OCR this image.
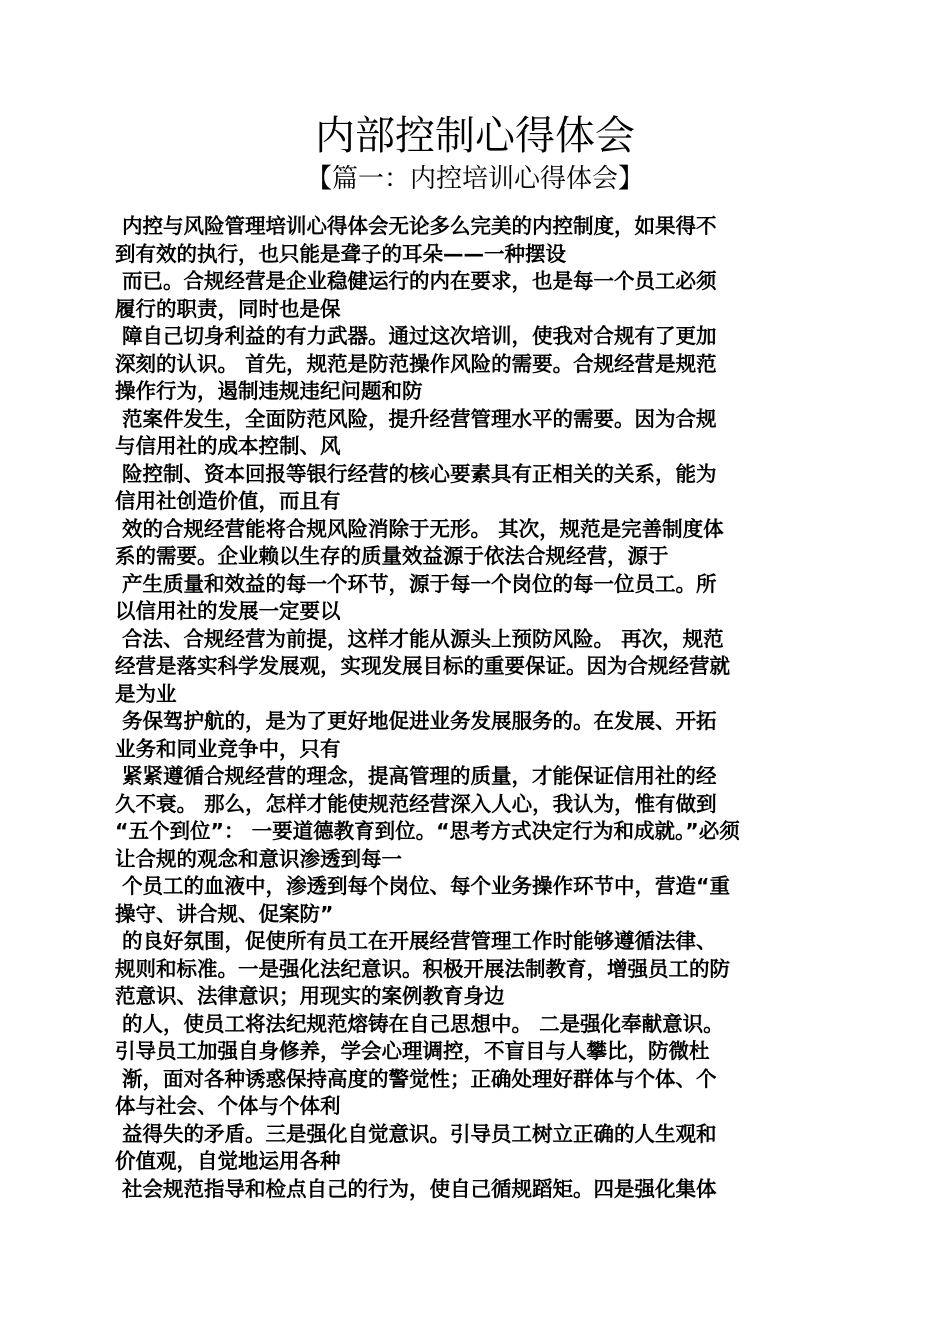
内部控制心得体会
【篇一：内控培训心得体会】
内控与风险管理培训心得体会无论多么完美的内控制度，如果得不
到有效的执行，也只能是聋子的耳朵——一种摆设
而已。合规经营是企业稳健运行的内在要求，也是每一个员工必须
履行的职责，同时也是保
障自己切身利益的有力武器。通过这次培训，使我对合规有了更加
深刻的认识。 首先，规范是防范操作风险的需要。合规经营是规范
操作行为，遏制违规违纪问题和防
范案件发生，全面防范风险，提升经营管理水平的需要。因为合规
与信用社的成本控制、风
险控制、资本回报等银行经营的核心要素具有正相关的关系，能为
信用社创造价值，而且有
效的合规经营能将合规风险消除于无形。 其次，规范是完善制度体
系的需要。企业赖以生存的质量效益源于依法合规经营，源于
产生质量和效益的每一个环节，源于每一个岗位的每一位员工。所
以信用社的发展一定要以
合法、合规经营为前提，这样才能从源头上预防风险。 再次，规范
经营是落实科学发展观，实现发展目标的重要保证。因为合规经营就
是为业
务保驾护航的，是为了更好地促进业务发展服务的。在发展、开拓
业务和同业竞争中，只有
紧紧遵循合规经营的理念，提高管理的质量，才能保证信用社的经
久不衰。 那么，怎样才能使规范经营深入人心，我认为，惟有做到
“五个到位”： 一要道德教育到位。“思考方式决定行为和成就。”必须
让合规的观念和意识渗透到每一
个员工的血液中，渗透到每个岗位、每个业务操作环节中，营造“重
操守、讲合规、促案防”
的良好氛围，促使所有员工在开展经营管理工作时能够遵循法律、
规则和标准。一是强化法纪意识。积极开展法制教育，增强员工的防
范意识、法律意识；用现实的案例教育身边
的人，使员工将法纪规范熔铸在自己思想中。 二是强化奉献意识。
引导员工加强自身修养，学会心理调控，不盲目与人攀比，防微杜
渐，面对各种诱惑保持高度的警觉性；正确处理好群体与个体、个
体与社会、个体与个体利
益得失的矛盾。三是强化自觉意识。引导员工树立正确的人生观和
价值观，自觉地运用各种
社会规范指导和检点自己的行为，使自己循规蹈矩。四是强化集体
